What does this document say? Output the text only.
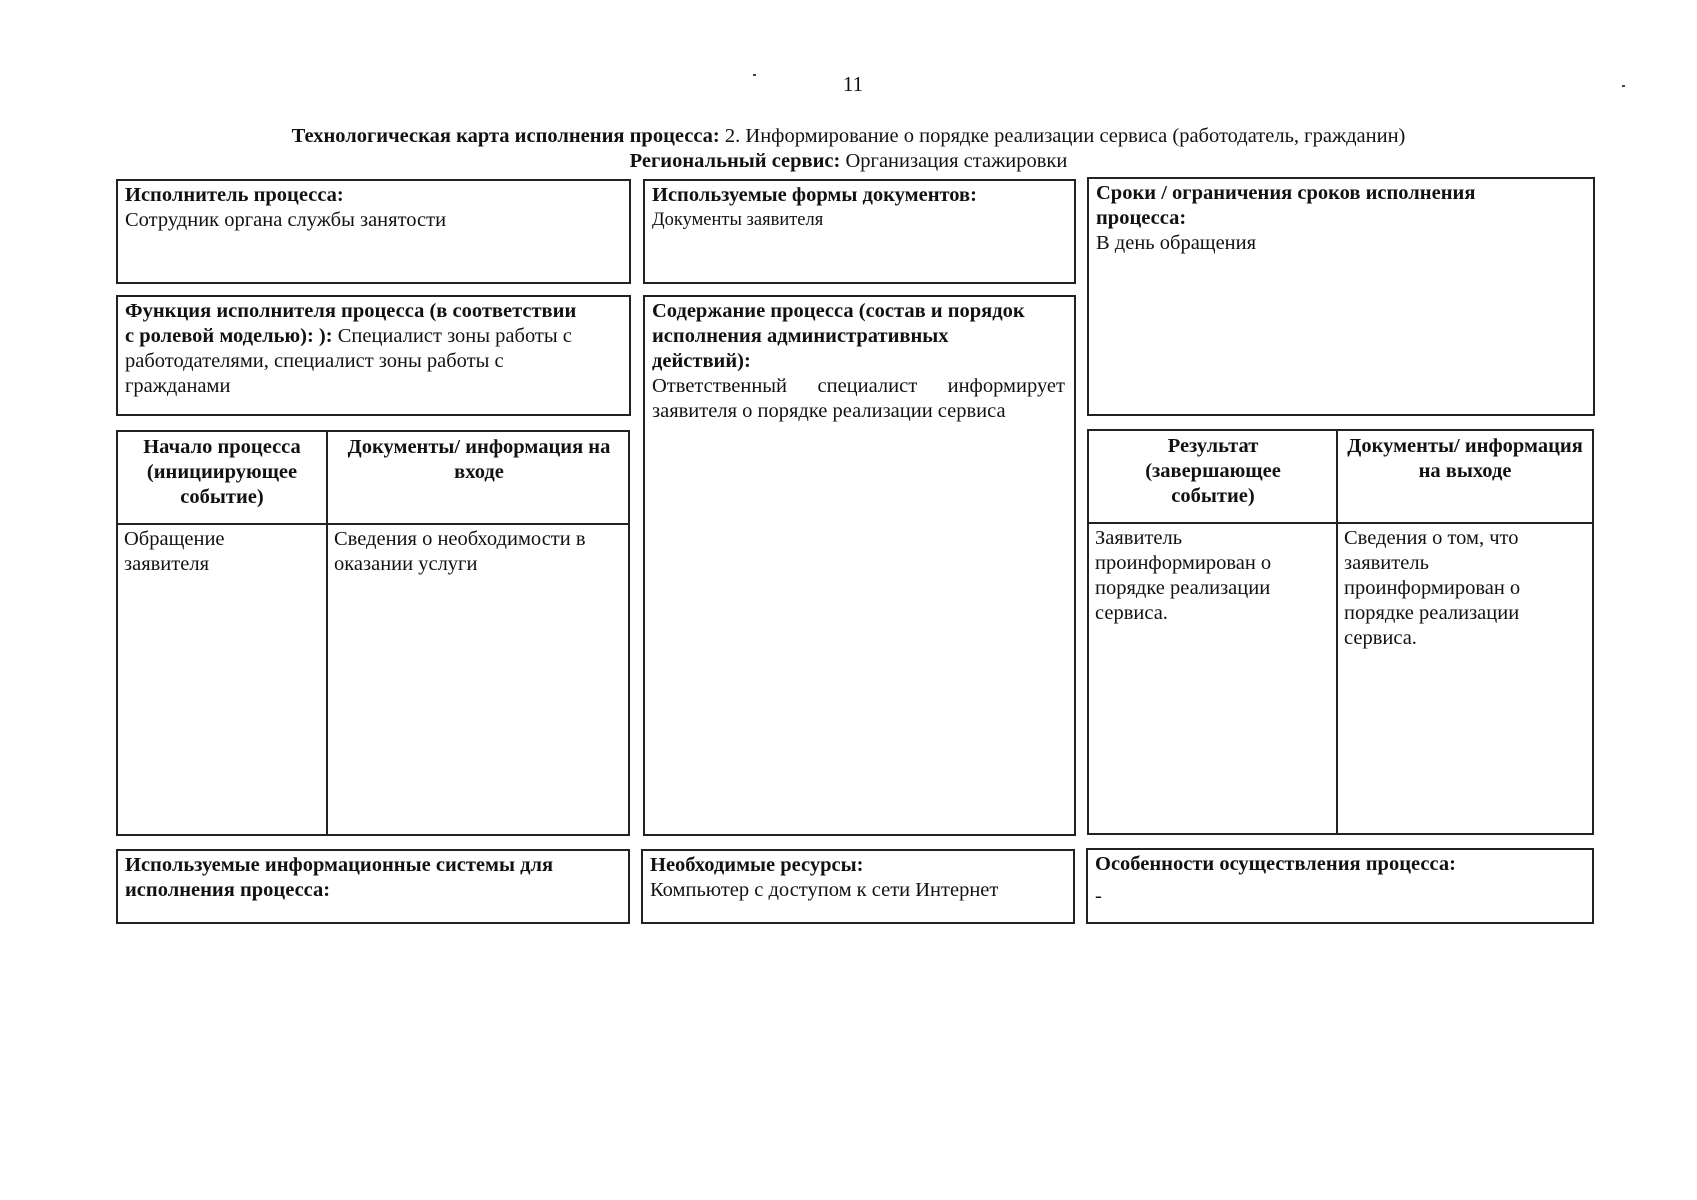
11
Технологическая карта исполнения процесса: 2. Информирование о порядке реализации сервиса (работодатель, гражданин)
Региональный сервис: Организация стажировки
Исполнитель процесса:
Сотрудник органа службы занятости
Используемые формы документов:
Документы заявителя
Сроки / ограничения сроков исполнения
процесса:
В день обращения
Функция исполнителя процесса (в соответствии
с ролевой моделью): ): Специалист зоны работы с
работодателями, специалист зоны работы с
гражданами
Содержание процесса (состав и порядок
исполнения административных
действий):
Ответственный специалист информирует
заявителя о порядке реализации сервиса
Начало процесса (инициирующее событие)
Документы/ информация на входе
Обращение заявителя
Сведения о необходимости в оказании услуги
Результат (завершающее событие)
Документы/ информация на выходе
Заявитель проинформирован о порядке реализации сервиса.
Сведения о том, что заявитель проинформирован о порядке реализации сервиса.
Используемые информационные системы для
исполнения процесса:
Необходимые ресурсы:
Компьютер с доступом к сети Интернет
Особенности осуществления процесса:
-
